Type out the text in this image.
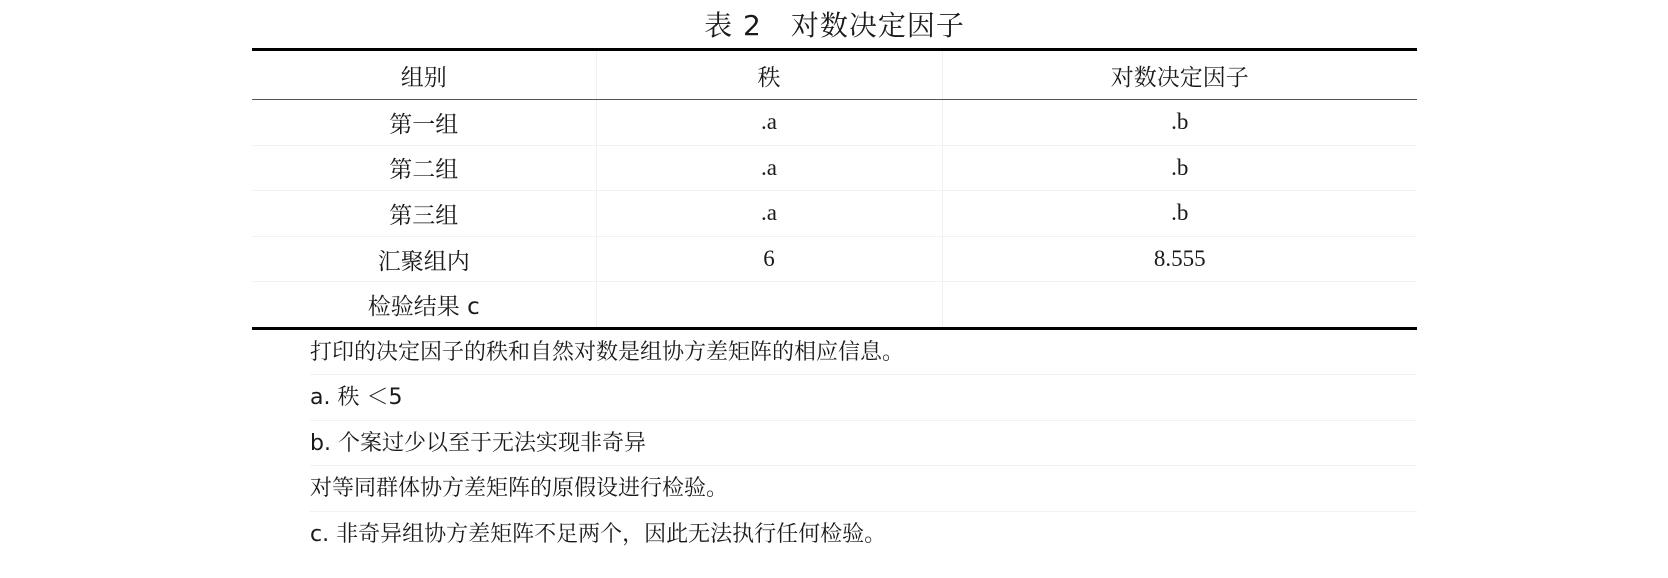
表 2　对数决定因子
组别	秩	对数决定因子

第一组	.a	.b
第二组	.a	.b
第三组	.a	.b
汇聚组内	6	8.555
检验结果 c		
打印的决定因子的秩和自然对数是组协方差矩阵的相应信息。
a. 秩 ＜5
b. 个案过少以至于无法实现非奇异
对等同群体协方差矩阵的原假设进行检验。
c. 非奇异组协方差矩阵不足两个，因此无法执行任何检验。
